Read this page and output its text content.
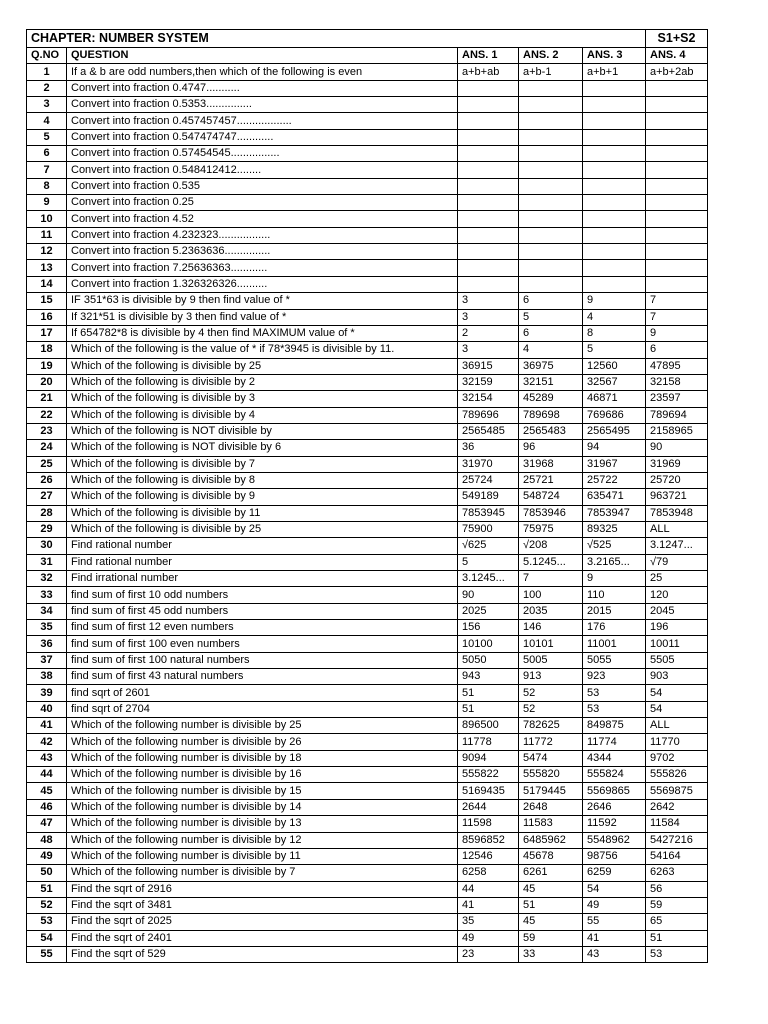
CHAPTER: NUMBER SYSTEM					S1+S2
Q.NO	QUESTION	ANS. 1	ANS. 2	ANS. 3	ANS. 4
1	If a & b are odd numbers,then which of the following is even	a+b+ab	a+b-1	a+b+1	a+b+2ab
2	Convert into fraction 0.4747...........				
3	Convert into fraction 0.5353...............				
4	Convert into fraction 0.457457457..................				
5	Convert into fraction 0.547474747............				
6	Convert into fraction 0.57454545................				
7	Convert into fraction 0.548412412........				
8	Convert into fraction 0.535				
9	Convert into fraction 0.25				
10	Convert into fraction 4.52				
11	Convert into fraction 4.232323.................				
12	Convert into fraction 5.2363636...............				
13	Convert into fraction 7.25636363............				
14	Convert into fraction 1.326326326..........				
15	IF 351*63 is divisible by 9 then find value of *	3	6	9	7
16	If 321*51 is divisible by 3 then find value of *	3	5	4	7
17	If 654782*8 is divisible by 4 then find MAXIMUM value of *	2	6	8	9
18	Which of the following is the value of * if 78*3945 is divisible by 11.	3	4	5	6
19	Which of the following is divisible by 25	36915	36975	12560	47895
20	Which of the following is divisible by 2	32159	32151	32567	32158
21	Which of the following is divisible by 3	32154	45289	46871	23597
22	Which of the following is divisible by 4	789696	789698	769686	789694
23	Which of the following is NOT divisible by	2565485	2565483	2565495	2158965
24	Which of the following is NOT divisible by 6	36	96	94	90
25	Which of the following is divisible by 7	31970	31968	31967	31969
26	Which of the following is divisible by 8	25724	25721	25722	25720
27	Which of the following is divisible by 9	549189	548724	635471	963721
28	Which of the following is divisible by 11	7853945	7853946	7853947	7853948
29	Which of the following is divisible by 25	75900	75975	89325	ALL
30	Find rational number	√625	√208	√525	3.1247...
31	Find rational number	5	5.1245...	3.2165...	√79
32	Find irrational number	3.1245...	7	9	25
33	find sum of first 10 odd numbers	90	100	110	120
34	find sum of first 45 odd numbers	2025	2035	2015	2045
35	find sum of first 12 even numbers	156	146	176	196
36	find sum of first 100 even numbers	10100	10101	11001	10011
37	find sum of first 100 natural numbers	5050	5005	5055	5505
38	find sum of first 43 natural numbers	943	913	923	903
39	find sqrt of 2601	51	52	53	54
40	find sqrt of 2704	51	52	53	54
41	Which of the following number is divisible by 25	896500	782625	849875	ALL
42	Which of the following number is divisible by 26	11778	11772	11774	11770
43	Which of the following number is divisible by 18	9094	5474	4344	9702
44	Which of the following number is divisible by 16	555822	555820	555824	555826
45	Which of the following number is divisible by 15	5169435	5179445	5569865	5569875
46	Which of the following number is divisible by 14	2644	2648	2646	2642
47	Which of the following number is divisible by 13	11598	11583	11592	11584
48	Which of the following number is divisible by 12	8596852	6485962	5548962	5427216
49	Which of the following number is divisible by 11	12546	45678	98756	54164
50	Which of the following number is divisible by 7	6258	6261	6259	6263
51	Find the sqrt of 2916	44	45	54	56
52	Find the sqrt of 3481	41	51	49	59
53	Find the sqrt of 2025	35	45	55	65
54	Find the sqrt of 2401	49	59	41	51
55	Find the sqrt of 529	23	33	43	53
